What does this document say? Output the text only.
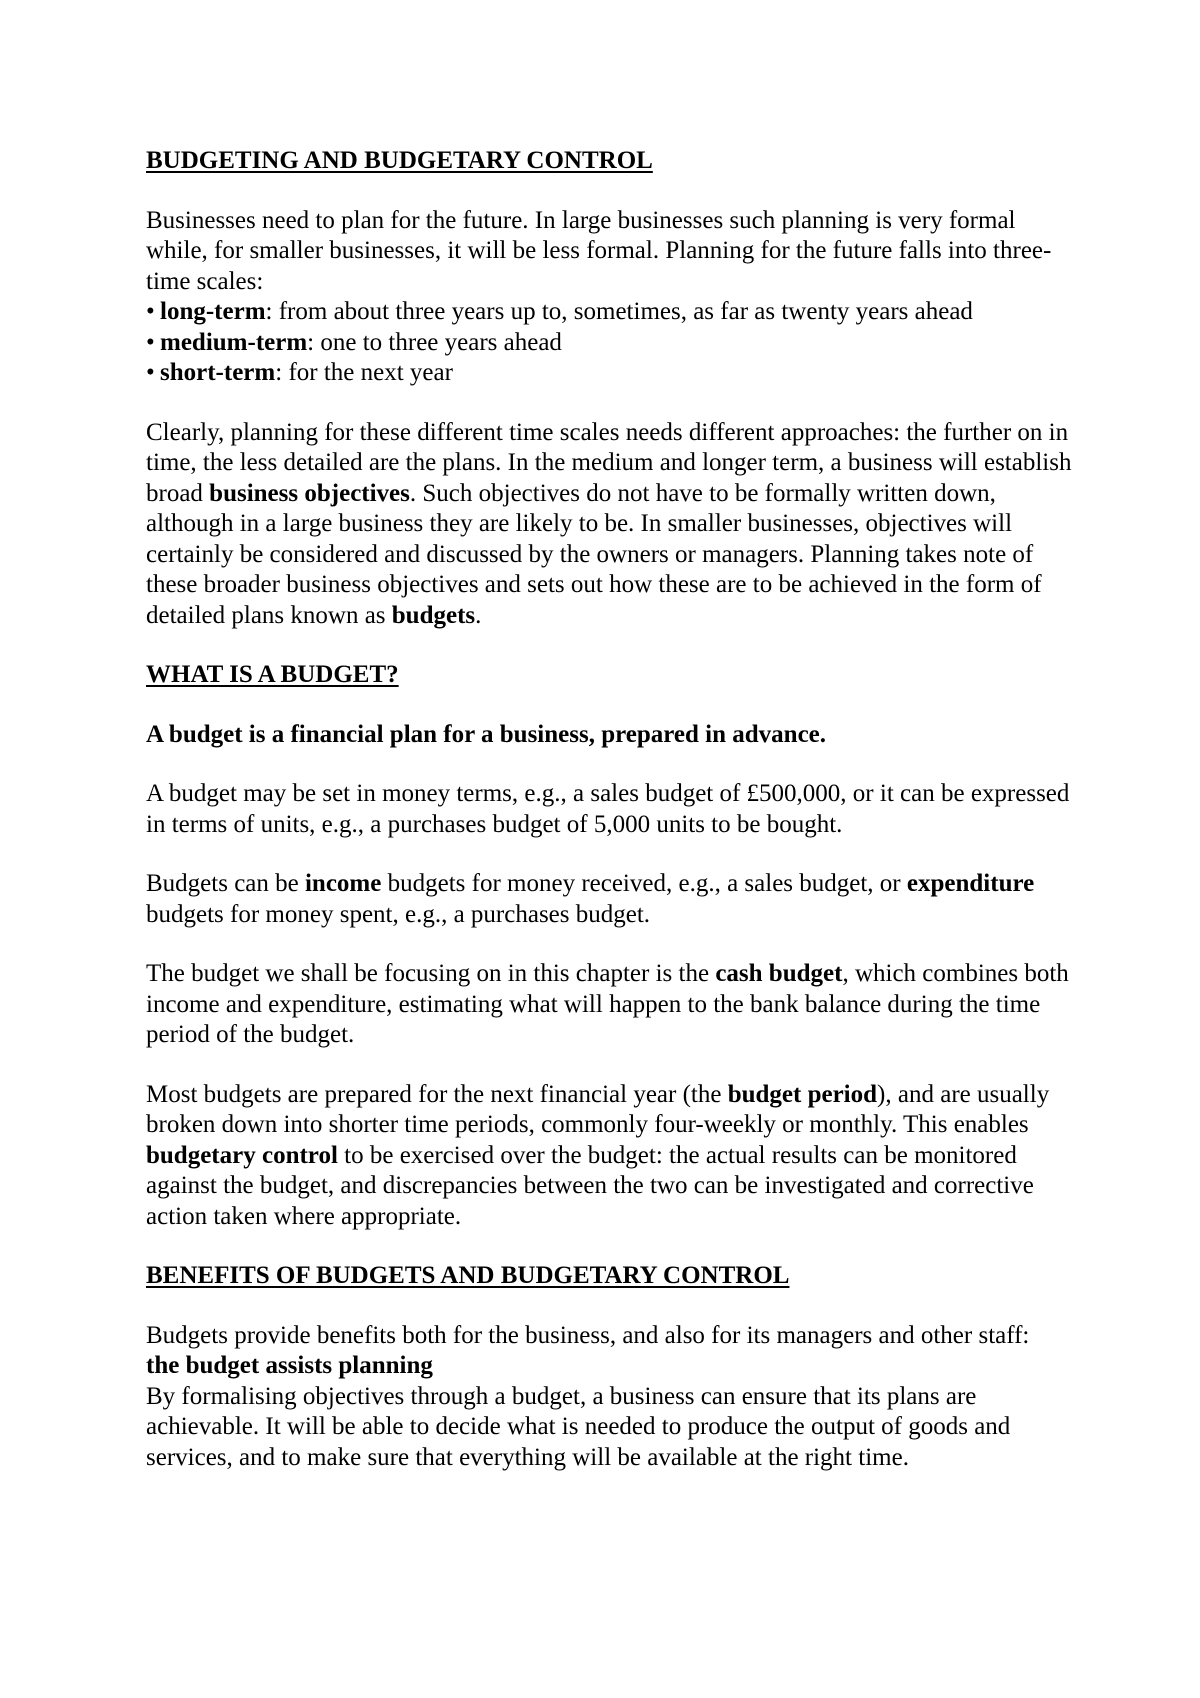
BUDGETING AND BUDGETARY CONTROL

Businesses need to plan for the future. In large businesses such planning is very formal while, for smaller businesses, it will be less formal. Planning for the future falls into three-time scales:

• long-term: from about three years up to, sometimes, as far as twenty years ahead
• medium-term: one to three years ahead
• short-term: for the next year

Clearly, planning for these different time scales needs different approaches: the further on in time, the less detailed are the plans. In the medium and longer term, a business will establish broad business objectives. Such objectives do not have to be formally written down, although in a large business they are likely to be. In smaller businesses, objectives will certainly be considered and discussed by the owners or managers. Planning takes note of these broader business objectives and sets out how these are to be achieved in the form of detailed plans known as budgets.

WHAT IS A BUDGET?

A budget is a financial plan for a business, prepared in advance.

A budget may be set in money terms, e.g., a sales budget of £500,000, or it can be expressed in terms of units, e.g., a purchases budget of 5,000 units to be bought.

Budgets can be income budgets for money received, e.g., a sales budget, or expenditure budgets for money spent, e.g., a purchases budget.

The budget we shall be focusing on in this chapter is the cash budget, which combines both income and expenditure, estimating what will happen to the bank balance during the time period of the budget.

Most budgets are prepared for the next financial year (the budget period), and are usually broken down into shorter time periods, commonly four-weekly or monthly. This enables budgetary control to be exercised over the budget: the actual results can be monitored against the budget, and discrepancies between the two can be investigated and corrective action taken where appropriate.

BENEFITS OF BUDGETS AND BUDGETARY CONTROL

Budgets provide benefits both for the business, and also for its managers and other staff:

the budget assists planning

By formalising objectives through a budget, a business can ensure that its plans are achievable. It will be able to decide what is needed to produce the output of goods and services, and to make sure that everything will be available at the right time.
